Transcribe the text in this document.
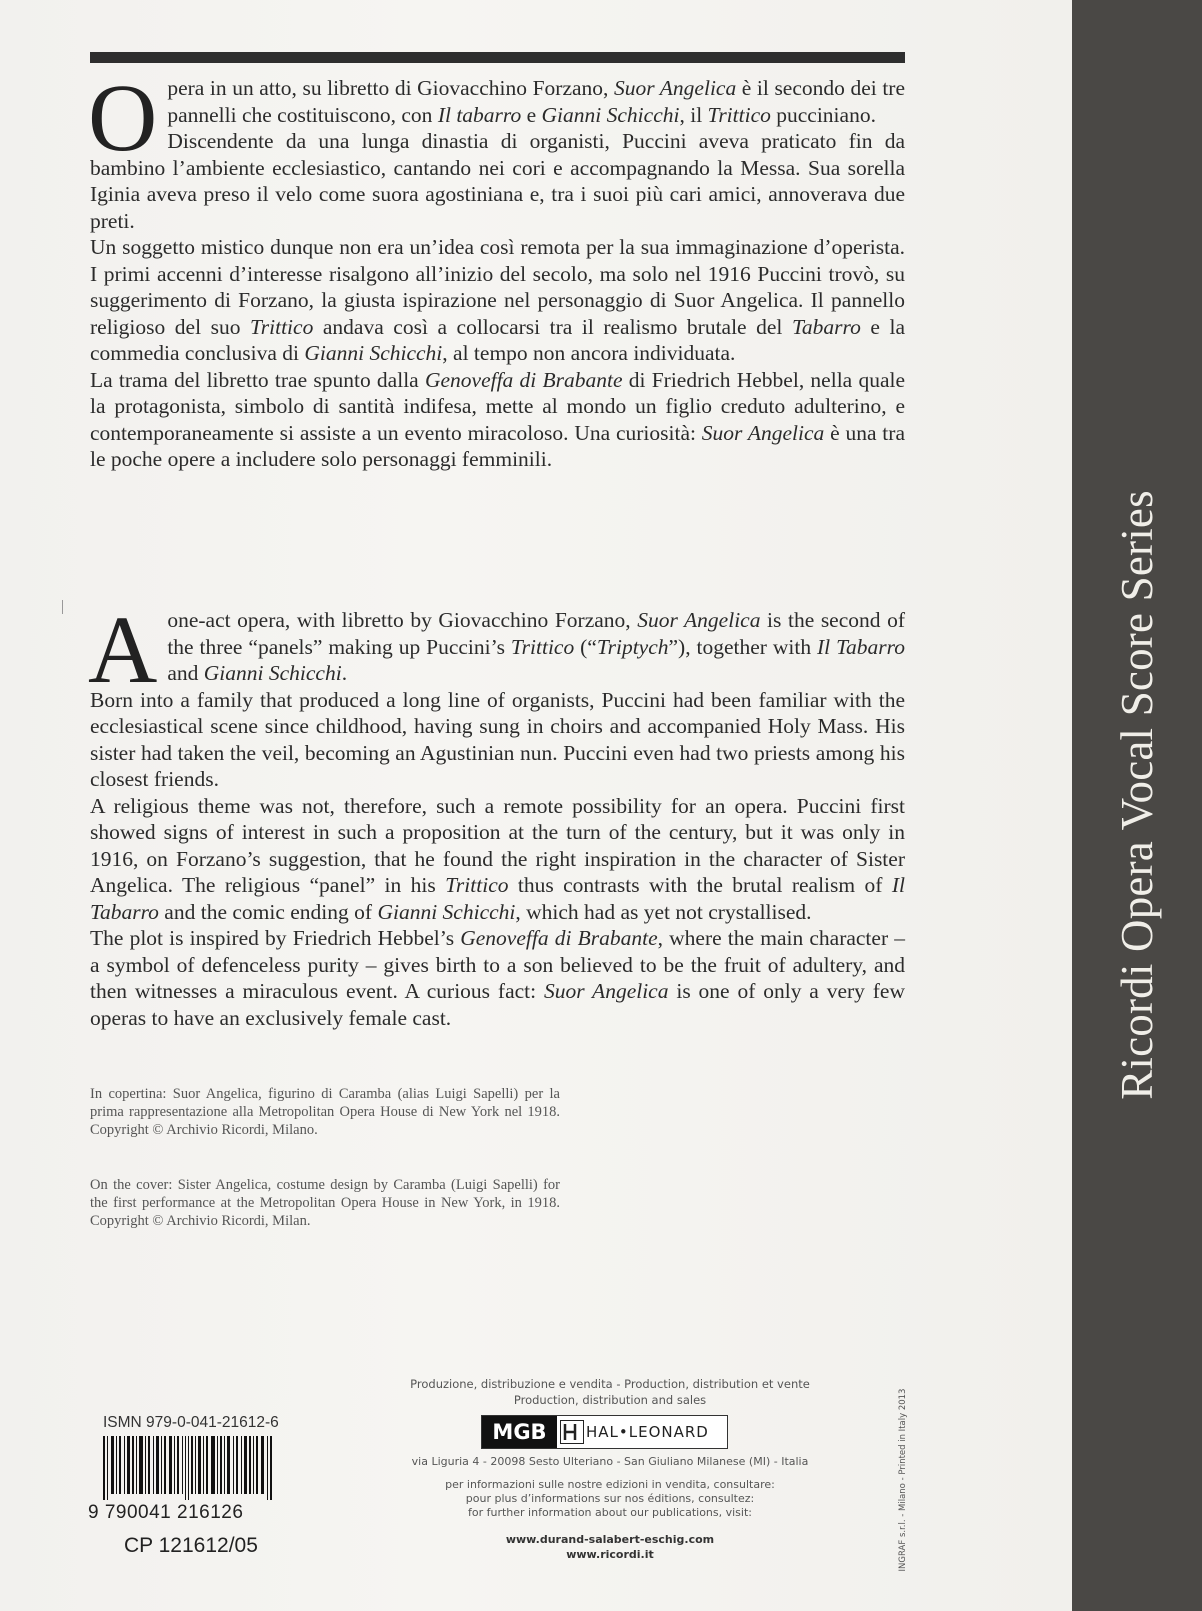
Ricordi Opera Vocal Score Series

Opera in un atto, su libretto di Giovacchino Forzano, Suor Angelica è il secondo dei tre pannelli che costituiscono, con Il tabarro e Gianni Schicchi, il Trittico pucciniano.

Discendente da una lunga dinastia di organisti, Puccini aveva praticato fin da bambino l’ambiente ecclesiastico, cantando nei cori e accompagnando la Messa. Sua sorella Iginia aveva preso il velo come suora agostiniana e, tra i suoi più cari amici, annoverava due preti.

Un soggetto mistico dunque non era un’idea così remota per la sua immaginazione d’operista. I primi accenni d’interesse risalgono all’inizio del secolo, ma solo nel 1916 Puccini trovò, su suggerimento di Forzano, la giusta ispirazione nel personaggio di Suor Angelica. Il pannello religioso del suo Trittico andava così a collocarsi tra il realismo brutale del Tabarro e la commedia conclusiva di Gianni Schicchi, al tempo non ancora individuata.

La trama del libretto trae spunto dalla Genoveffa di Brabante di Friedrich Hebbel, nella quale la protagonista, simbolo di santità indifesa, mette al mondo un figlio creduto adulterino, e contemporaneamente si assiste a un evento miracoloso. Una curiosità: Suor Angelica è una tra le poche opere a includere solo personaggi femminili.

A one-act opera, with libretto by Giovacchino Forzano, Suor Angelica is the second of the three “panels” making up Puccini’s Trittico (“Triptych”), together with Il Tabarro and Gianni Schicchi.

Born into a family that produced a long line of organists, Puccini had been familiar with the ecclesiastical scene since childhood, having sung in choirs and accompanied Holy Mass. His sister had taken the veil, becoming an Agustinian nun. Puccini even had two priests among his closest friends.

A religious theme was not, therefore, such a remote possibility for an opera. Puccini first showed signs of interest in such a proposition at the turn of the century, but it was only in 1916, on Forzano’s suggestion, that he found the right inspiration in the character of Sister Angelica. The religious “panel” in his Trittico thus contrasts with the brutal realism of Il Tabarro and the comic ending of Gianni Schicchi, which had as yet not crystallised.

The plot is inspired by Friedrich Hebbel’s Genoveffa di Brabante, where the main character – a symbol of defenceless purity – gives birth to a son believed to be the fruit of adultery, and then witnesses a miraculous event. A curious fact: Suor Angelica is one of only a very few operas to have an exclusively female cast.

In copertina: Suor Angelica, figurino di Caramba (alias Luigi Sapelli) per la prima rappresentazione alla Metropolitan Opera House di New York nel 1918. Copyright © Archivio Ricordi, Milano.

On the cover: Sister Angelica, costume design by Caramba (Luigi Sapelli) for the first performance at the Metropolitan Opera House in New York, in 1918. Copyright © Archivio Ricordi, Milan.

ISMN 979-0-041-21612-6
9 790041 216126
CP 121612/05
Produzione, distribuzione e vendita - Production, distribution et vente
Production, distribution and sales
MGB	HAL•LEONARD
via Liguria 4 - 20098 Sesto Ulteriano - San Giuliano Milanese (MI) - Italia
per informazioni sulle nostre edizioni in vendita, consultare:
pour plus d’informations sur nos éditions, consultez:
for further information about our publications, visit:
www.durand-salabert-eschig.com
www.ricordi.it	INGRAF s.r.l. - Milano - Printed in Italy 2013
